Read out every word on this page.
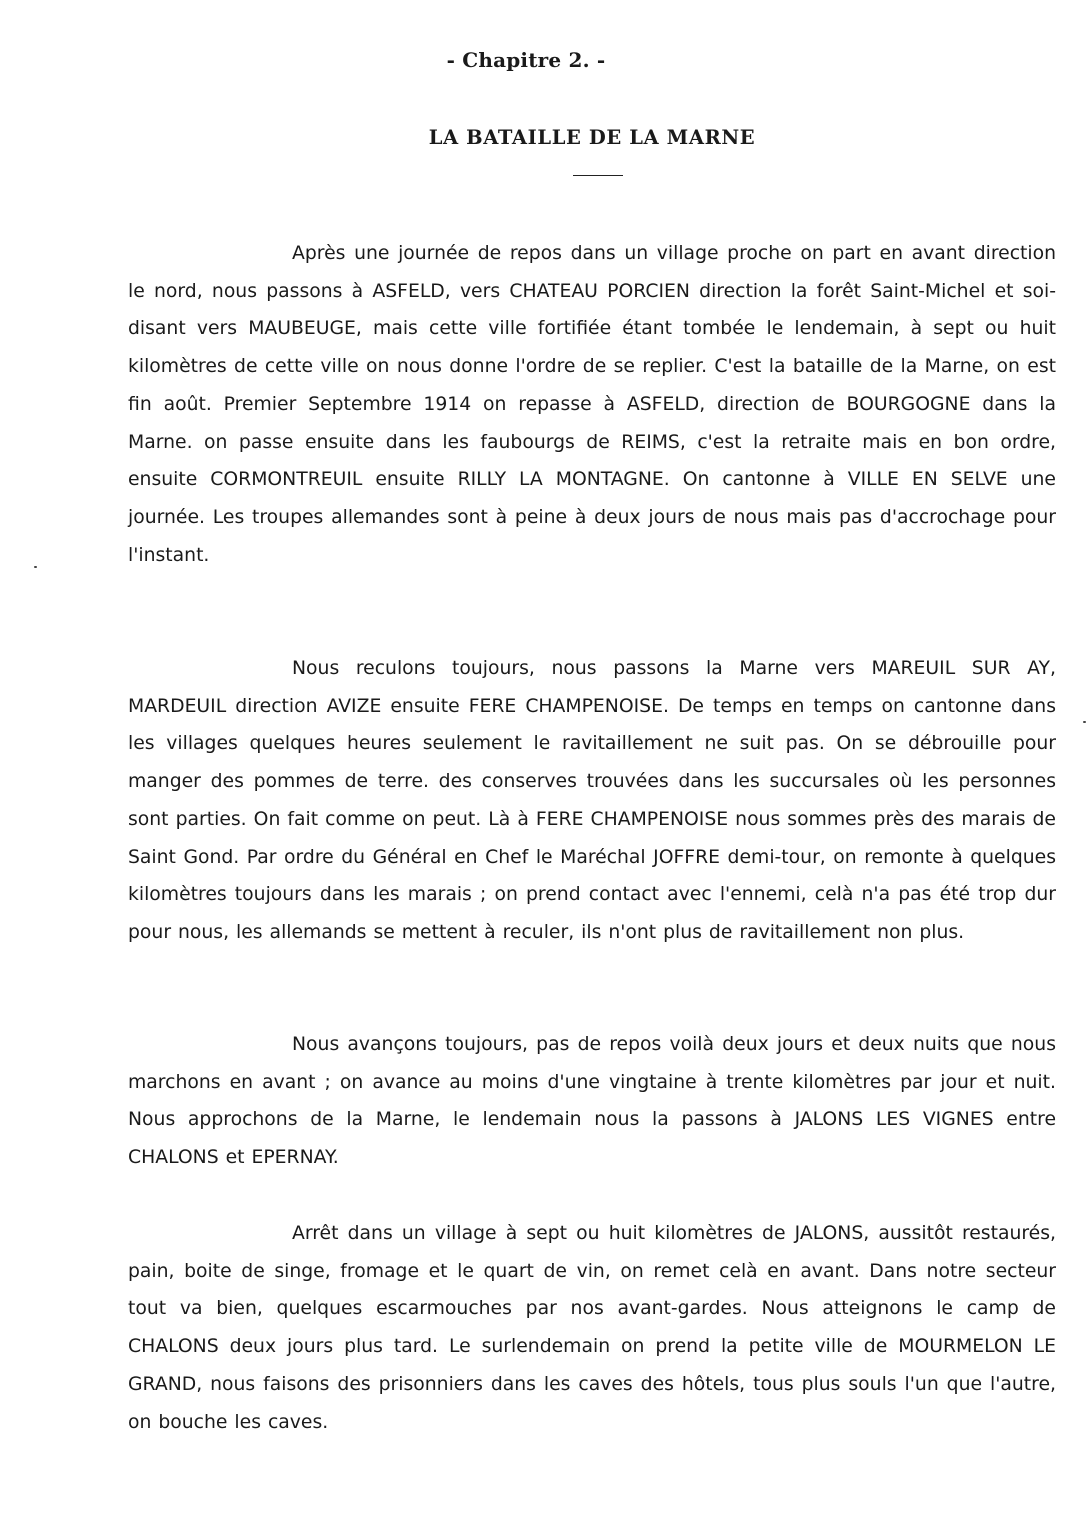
- Chapitre 2. -
LA BATAILLE DE LA MARNE

Après une journée de repos dans un village proche on part en avant direction le nord, nous passons à ASFELD, vers CHATEAU PORCIEN direction la forêt Saint-Michel et soi-disant vers MAUBEUGE, mais cette ville fortifiée étant tombée le lendemain, à sept ou huit kilomètres de cette ville on nous donne l'ordre de se replier. C'est la bataille de la Marne, on est fin août. Premier Septembre 1914 on repasse à ASFELD, direction de BOURGOGNE dans la Marne. on passe ensuite dans les faubourgs de REIMS, c'est la retraite mais en bon ordre, ensuite CORMONTREUIL ensuite RILLY LA MONTAGNE. On cantonne à VILLE EN SELVE une journée. Les troupes allemandes sont à peine à deux jours de nous mais pas d'accrochage pour l'instant.

Nous reculons toujours, nous passons la Marne vers MAREUIL SUR AY, MARDEUIL direction AVIZE ensuite FERE CHAMPENOISE. De temps en temps on cantonne dans les villages quelques heures seulement le ravitaillement ne suit pas. On se débrouille pour manger des pommes de terre. des conserves trouvées dans les succursales où les personnes sont parties. On fait comme on peut. Là à FERE CHAMPENOISE nous sommes près des marais de Saint Gond. Par ordre du Général en Chef le Maréchal JOFFRE demi-tour, on remonte à quelques kilomètres toujours dans les marais ; on prend contact avec l'ennemi, celà n'a pas été trop dur pour nous, les allemands se mettent à reculer, ils n'ont plus de ravitaillement non plus.

Nous avançons toujours, pas de repos voilà deux jours et deux nuits que nous marchons en avant ; on avance au moins d'une vingtaine à trente kilomètres par jour et nuit. Nous approchons de la Marne, le lendemain nous la passons à JALONS LES VIGNES entre CHALONS et EPERNAY.

Arrêt dans un village à sept ou huit kilomètres de JALONS, aussitôt restaurés, pain, boite de singe, fromage et le quart de vin, on remet celà en avant. Dans notre secteur tout va bien, quelques escarmouches par nos avant-gardes. Nous atteignons le camp de CHALONS deux jours plus tard. Le surlendemain on prend la petite ville de MOURMELON LE GRAND, nous faisons des prisonniers dans les caves des hôtels, tous plus souls l'un que l'autre, on bouche les caves.
